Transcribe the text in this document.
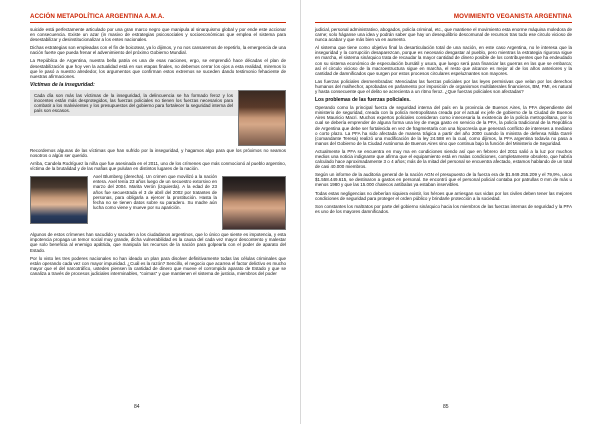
ACCIÓN METAPOLÍTICA ARGENTINA A.M.A.

suicide está perfectamente articulado por una gran marco negro que manipula al sinarquismo global y por ende este accionar en consecuencia. Existe un azar (in masivo de estrategias psicosociales y socioeconómicas que emplea el sistema para desestabilizar y desinstitucionalizar a los entes nacionales.

Dichas estrategias son empleadas con el fin de boicotear, ya lo dijimos, y no nos cansaremos de repetirlo, la emergencia de una nación fuerte que pueda frenar el advenimiento del próximo Gobierno Mundial.

La República de Argentina, nuestra bella patria es una de esas naciones, ergo, se emprendió hace décadas el plan de desestabilización que hoy ven la actualidad está en sus etapas finales, no debemos cerrar los ojos a esta realidad, miremos lo que le pasó a nuestro alrededor, los argumentos que confirman estos extremos se suceden dando testimonio fehaciente de nuestras afirmaciones.

Víctimas de la inseguridad:

Cada día son más las víctimas de la inseguridad, la delincuencia se ha formado feroz y los inocentes están más desprotegidos, las fuerzas policiales no tienen los fuerzas necesarios para combatir a los malvivientes y los presupuestos del gobierno para fortalecer la seguridad interna del país son escasos.

Recordemos algunas de las víctimas que han sufrido por la inseguridad, y hagamos algo para que los próximos no seamos nosotros o algún ser querido.

Arriba, Candela Rodríguez la niña que fue asesinada en el 2011, uno de los crímenes que más conmocionó al pueblo argentino, víctima de la brutalidad y de las mafias que pululan en distintos lugares de la nación.

Axel Blumberg (derecha). Un crimen que movilizó a la nación entera. Axel tenía 23 años luego de un secuestro extorsivo en marzo del 2004. Marita Verón (izquierda). A la edad de 23 años fue secuestrada el 3 de abril del 2002 por tratantes de personas, para obligarla a ejercer la prostitución. Hasta la fecha no se tienen datos sobre su paradero. Su madre aún lucha como viene y mueve por su aparición.

Algunos de estos crímenes han sacudido y sacuden a los ciudadanos argentinos, que lo único que siente es impotencia, y esta impotencia propaga un temor social muy grande, dicha vulnerabilidad es la causa del cada vez mayor descontento y malestar que solo beneficia al enemigo apátrida, que manipula los recursos de la nación para golpearla con el poder de aparato del Estado.

Por lo visto les tres poderes nacionales no han ideado un plan para disolver definitivamente todas las células criminales que están operando cada vez con mayor impunidad. ¿Cuál es la razón? Sencillo, el negocio que acarrea el factor delictivo es mucho mayor que el del narcotráfico, ustedes piensen la cantidad de dinero que mueve el corrompido aparato de Estado y que se canaliza a través de procesos judiciales interminables, "coimas" y que mantienen el sistema de justicia, miembros del poder

84
MOVIMIENTO VEGANISTA ARGENTINA

judicial, personal administrativo, abogados, policía criminal, etc., que mantiene el movimiento esta enorme máquina moledora de carne; solo háganse una idea y podrán saber que hay un desequilibrio descomunal de recursos tras todo ese circulo vicioso de nunca acabar y que más bien va en aumento.

Al sistema que tiene como objetivo final la desarticulación total de una nación, en este caso Argentina, no le interesa que la inseguridad y la corrupción desaparezcan, porque es necesario desgastar al pueblo, pero mientras la estrategia rigurosa sigue en marcha, el sistema sinárquico trata de recaudar la mayor cantidad de dinero posible de los contribuyentes que ha endeudado con su sistema económico de especulación bursátil y usura, que luego será para financiar las guerras en las que se embarca; así el circulo vicioso de la macroestructura sigue en marcha, el resto que alcance es mejor al de los años anteriores y la cantidad de damnificados que surgen por estos procesos circulares espeluznantes son mayores.

Las fuerzas policiales desmembradas: Menciadas las fuerzas policiales por las leyes permisivas que velan por los derechos humanos del malhechor, aprobadas en parlamento por imposición de organismos multilaterales financieros, BM, FMI, es natural y hasta consecuente que el delito se acrecienta a un ritmo feroz. ¿Que fuerzas policiales son afectadas?

Los problemas de las fuerzas policiales.

Operando como la principal fuerza de seguridad interna del país en la provincia de Buenos Aires, la PFA dependiente del ministerio de seguridad, creada con la policía metropolitana creada por el actual ex jefe de gobierno de la Ciudad de Buenos Aires Mauricio Macri. Muchos expertos policiales consideran como innecesaria la existencia de la policía metropolitana, por lo cual se debería emprender de alguna forma una ley de mega gasto en servicio de la PFA, la policía tradicional de la República de Argentina que debe ser fortalecida en vez de fragmentarla con una hipocresía que generará conflicto de intereses a mediano o corto plazo. La PFA ha sido afectada de manera trágica a partir del año 2000 cuando la ministra de defensa Nilda Garré (comandante Teresa) realizó una modificación de la ley 24.588 en la cual, como dijimos, la PFA argentina todavía no pasa a manos del Gobierno de la Ciudad Autónoma de Buenos Aires sino que continua bajo la función del Ministerio de Seguridad.

Actualmente la PFA se encuentra en muy ma en condiciones siendo así que en febrero del 2011 salió a la luz por muchos medios una noticia indignante que afirma que el equipamiento está en malas condiciones, completamente obsoleto, que habría calculado hace aproximadamente 3 o 4 años; más de la mitad del personal se encuentra afectado, estamos hablando de un total de casi 40.000 miembros.

Según un informe de la auditoria general de la nación AGN el presupuesto de la fuerza era de $1.949.255.209 y el 79,9%, unos $1.558.449.615, se destinaron a gastos en personal. Se encontró que el personal policial contaba por patrullas 0 mm de más u menos 1980 y que las 15.000 chalecos antibalas ya estaban inservibles.

Todas estas negligencias no deberían siquiera existir, los héroes que arriesgan sus vidas por los civiles deben tener las mejores condiciones de seguridad para proteger el orden público y brindarle protección a la sociedad.

Son constantes los maltratos por parte del gobierno sinárquico hacia los miembros de las fuerzas internas de seguridad y la PFA es uno de los mayores damnificados.

85
